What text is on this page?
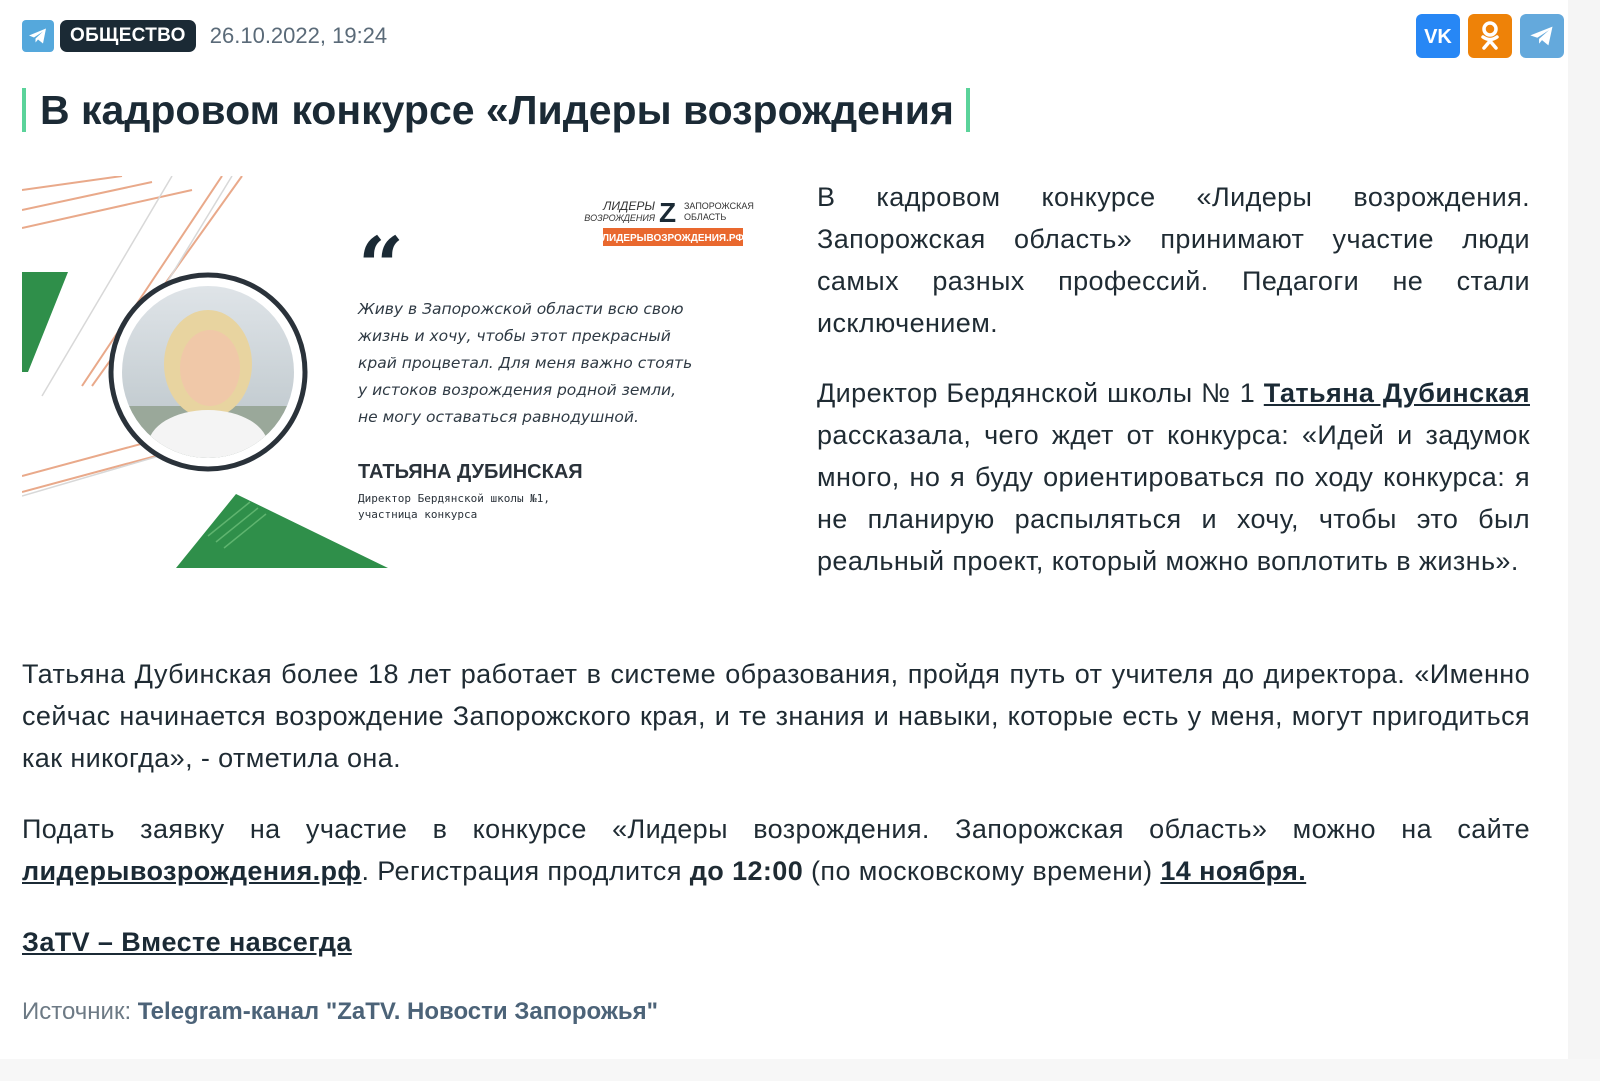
ОБЩЕСТВО	26.10.2022, 19:24	VK
В кадровом конкурсе «Лидеры возрождения
ЛИДЕРЫ
ВОЗРОЖДЕНИЯ Z ЗАПОРОЖСКАЯ
ОБЛАСТЬ
ЛИДЕРЫВОЗРОЖДЕНИЯ.РФ
“
Живу в Запорожской области всю свою
жизнь и хочу, чтобы этот прекрасный
край процветал. Для меня важно стоять
у истоков возрождения родной земли,
не могу оставаться равнодушной.
ТАТЬЯНА ДУБИНСКАЯ
Директор Бердянской школы №1,
участница конкурса
В кадровом конкурсе «Лидеры возрождения. Запорожская область» принимают участие люди самых разных профессий. Педагоги не стали исключением.
Директор Бердянской школы № 1 Татьяна Дубинская рассказала, чего ждет от конкурса: «Идей и задумок много, но я буду ориентироваться по ходу конкурса: я не планирую распыляться и хочу, чтобы это был реальный проект, который можно воплотить в жизнь».
Татьяна Дубинская более 18 лет работает в системе образования, пройдя путь от учителя до директора. «Именно сейчас начинается возрождение Запорожского края, и те знания и навыки, которые есть у меня, могут пригодиться как никогда», - отметила она.
Подать заявку на участие в конкурсе «Лидеры возрождения. Запорожская область» можно на сайте лидерывозрождения.рф. Регистрация продлится до 12:00 (по московскому времени) 14 ноября.
ЗаTV – Вместе навсегда
Источник: Telegram-канал "ZaTV. Новости Запорожья"
